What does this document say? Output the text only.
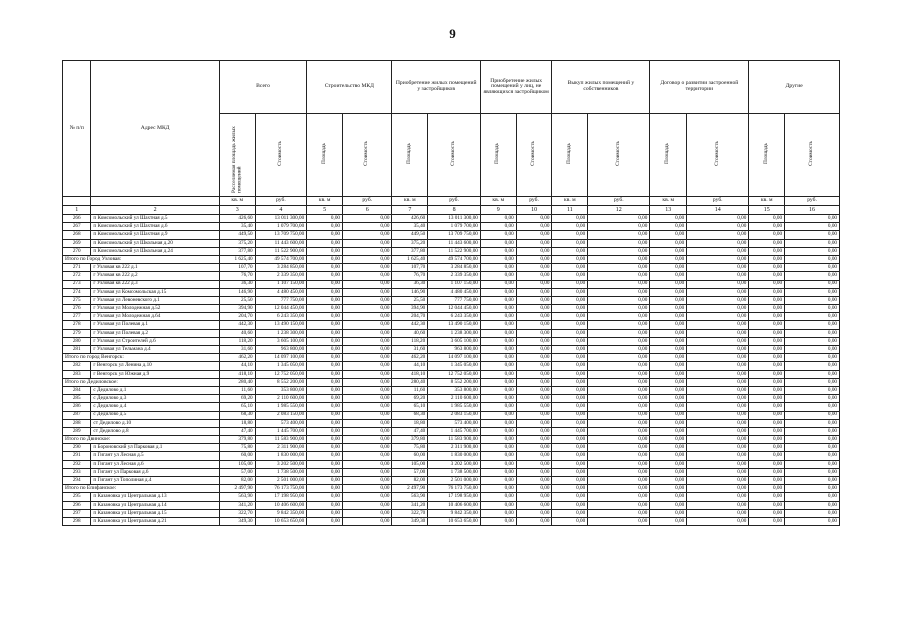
9
№ п/п	Адрес МКД	Всего		Строительство МКД		Приобретение жилых помещений у застройщиков		Приобретение жилых помещений у лиц, не являющихся застройщиком		Выкуп жилых помещений у собственников		Договор о развитии застроенной территории		Другие	
		Расселяемая площадь жилых помещений	Стоимость	Площадь	Стоимость	Площадь	Стоимость	Площадь	Стоимость	Площадь	Стоимость	Площадь	Стоимость	Площадь	Стоимость
		кв. м	руб.	кв. м	руб.	кв. м	руб.	кв. м	руб.	кв. м	руб.	кв. м	руб.	кв. м	руб.
1	2	3	4	5	6	7	8	9	10	11	12	13	14	15	16
266	п Комсомольский ул Шахтная д.5	426,60	13 011 300,00	0,00	0,00	426,60	13 011 300,00	0,00	0,00	0,00	0,00	0,00	0,00	0,00	0,00
267	п Комсомольский ул Шахтная д.6	35,40	1 079 700,00	0,00	0,00	35,40	1 079 700,00	0,00	0,00	0,00	0,00	0,00	0,00	0,00	0,00
268	п Комсомольский ул Шахтная д.9	449,50	13 709 750,00	0,00	0,00	449,50	13 709 750,00	0,00	0,00	0,00	0,00	0,00	0,00	0,00	0,00
269	п Комсомольский ул Школьная д.20	375,20	11 443 600,00	0,00	0,00	375,20	11 443 600,00	0,00	0,00	0,00	0,00	0,00	0,00	0,00	0,00
270	п Комсомольский ул Школьная д.24	377,80	11 522 900,00	0,00	0,00	377,80	11 522 900,00	0,00	0,00	0,00	0,00	0,00	0,00	0,00	0,00
Итого по Город Узловая:		1 625,40	49 574 700,00	0,00	0,00	1 625,40	49 574 700,00	0,00	0,00	0,00	0,00	0,00	0,00	0,00	0,00
271	г Узловая кв 222 д.1	107,70	3 284 850,00	0,00	0,00	107,70	3 284 850,00	0,00	0,00	0,00	0,00	0,00	0,00	0,00	0,00
272	г Узловая кв 222 д.2	76,70	2 339 350,00	0,00	0,00	76,70	2 339 350,00	0,00	0,00	0,00	0,00	0,00	0,00	0,00	0,00
273	г Узловая кв 222 д.3	36,30	1 107 150,00	0,00	0,00	36,30	1 107 150,00	0,00	0,00	0,00	0,00	0,00	0,00	0,00	0,00
274	г Узловая ул Комсомольская д.15	146,90	4 480 450,00	0,00	0,00	146,90	4 480 450,00	0,00	0,00	0,00	0,00	0,00	0,00	0,00	0,00
275	г Узловая ул Левоневского д.1	25,50	777 750,00	0,00	0,00	25,50	777 750,00	0,00	0,00	0,00	0,00	0,00	0,00	0,00	0,00
276	г Узловая ул Молодежная д.52	394,90	12 044 450,00	0,00	0,00	394,90	12 044 450,00	0,00	0,00	0,00	0,00	0,00	0,00	0,00	0,00
277	г Узловая ул Молодежная д.64	204,70	6 243 350,00	0,00	0,00	204,70	6 243 350,00	0,00	0,00	0,00	0,00	0,00	0,00	0,00	0,00
278	г Узловая ул Полевая д.1	442,30	13 490 150,00	0,00	0,00	442,30	13 490 150,00	0,00	0,00	0,00	0,00	0,00	0,00	0,00	0,00
279	г Узловая ул Полевая д.2	40,60	1 238 300,00	0,00	0,00	40,60	1 238 300,00	0,00	0,00	0,00	0,00	0,00	0,00	0,00	0,00
280	г Узловая ул Строителей д.6	118,20	3 605 100,00	0,00	0,00	118,20	3 605 100,00	0,00	0,00	0,00	0,00	0,00	0,00	0,00	0,00
281	г Узловая ул Тельмана д.4	31,60	963 800,00	0,00	0,00	31,60	963 800,00	0,00	0,00	0,00	0,00	0,00	0,00	0,00	0,00
Итого по город Венгорск:		462,20	14 097 100,00	0,00	0,00	462,20	14 097 100,00	0,00	0,00	0,00	0,00	0,00	0,00	0,00	0,00
282	г Венгорск ул Ленина д.10	44,10	1 345 050,00	0,00	0,00	44,10	1 345 050,00	0,00	0,00	0,00	0,00	0,00	0,00	0,00	0,00
283	г Венгорск ул Южная д.9	418,10	12 752 050,00	0,00	0,00	418,10	12 752 050,00	0,00	0,00	0,00	0,00	0,00	0,00	0,00	0,00
Итого по Дедиловское:		280,40	8 552 200,00	0,00	0,00	280,40	8 552 200,00	0,00	0,00	0,00	0,00	0,00	0,00	0,00	0,00
284	с Дедилово д.1	11,60	353 800,00	0,00	0,00	11,60	353 800,00	0,00	0,00	0,00	0,00	0,00	0,00	0,00	0,00
285	с Дедилово д.3	69,20	2 110 600,00	0,00	0,00	69,20	2 110 600,00	0,00	0,00	0,00	0,00	0,00	0,00	0,00	0,00
286	с Дедилово д.4	65,10	1 985 550,00	0,00	0,00	65,10	1 985 550,00	0,00	0,00	0,00	0,00	0,00	0,00	0,00	0,00
287	с Дедилово д.5	68,30	2 083 150,00	0,00	0,00	68,30	2 083 150,00	0,00	0,00	0,00	0,00	0,00	0,00	0,00	0,00
288	ст Дедилово д.10	18,80	573 400,00	0,00	0,00	18,80	573 400,00	0,00	0,00	0,00	0,00	0,00	0,00	0,00	0,00
289	ст Дедилово д.8	47,40	1 445 700,00	0,00	0,00	47,40	1 445 700,00	0,00	0,00	0,00	0,00	0,00	0,00	0,00	0,00
Итого по Двинское:		379,80	11 583 900,00	0,00	0,00	379,80	11 583 900,00	0,00	0,00	0,00	0,00	0,00	0,00	0,00	0,00
290	п Бороновский ул Парковая д.1	75,80	2 311 900,00	0,00	0,00	75,80	2 311 900,00	0,00	0,00	0,00	0,00	0,00	0,00	0,00	0,00
291	п Гигант ул Лесная д.5	60,00	1 830 000,00	0,00	0,00	60,00	1 830 000,00	0,00	0,00	0,00	0,00	0,00	0,00	0,00	0,00
292	п Гигант ул Лесная д.6	105,00	3 202 500,00	0,00	0,00	105,00	3 202 500,00	0,00	0,00	0,00	0,00	0,00	0,00	0,00	0,00
293	п Гигант ул Парковая д.6	57,00	1 738 500,00	0,00	0,00	57,00	1 738 500,00	0,00	0,00	0,00	0,00	0,00	0,00	0,00	0,00
294	п Гигант ул Тополиная д.4	82,00	2 501 000,00	0,00	0,00	82,00	2 501 000,00	0,00	0,00	0,00	0,00	0,00	0,00	0,00	0,00
Итого по Епифанское:		2 497,90	76 173 750,00	0,00	0,00	2 497,90	76 173 750,00	0,00	0,00	0,00	0,00	0,00	0,00	0,00	0,00
295	п Казановка ул Центральная д.13	563,90	17 198 950,00	0,00	0,00	563,90	17 198 950,00	0,00	0,00	0,00	0,00	0,00	0,00	0,00	0,00
296	п Казановка ул Центральная д.14	341,20	10 406 600,00	0,00	0,00	341,20	10 406 600,00	0,00	0,00	0,00	0,00	0,00	0,00	0,00	0,00
297	п Казановка ул Центральная д.15	322,70	9 842 350,00	0,00	0,00	322,70	9 842 350,00	0,00	0,00	0,00	0,00	0,00	0,00	0,00	0,00
298	п Казановка ул Центральная д.21	349,30	10 653 650,00	0,00	0,00	349,30	10 653 650,00	0,00	0,00	0,00	0,00	0,00	0,00	0,00	0,00
